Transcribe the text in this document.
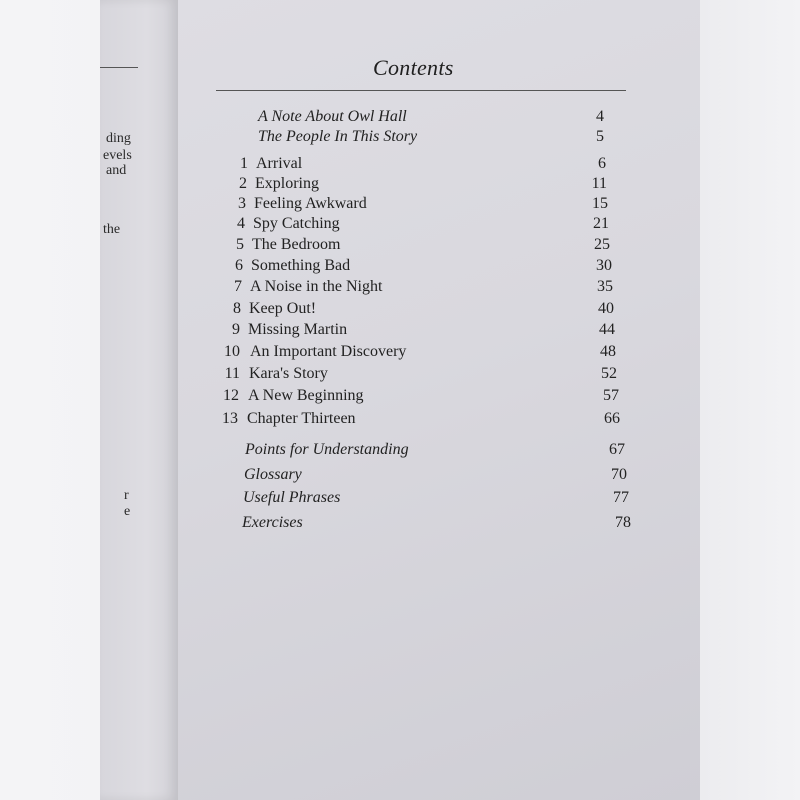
ding
evels
and
the
r
e
Contents
A Note About Owl Hall	4
The People In This Story	5
1 Arrival	6
2 Exploring	11
3 Feeling Awkward	15
4 Spy Catching	21
5 The Bedroom	25
6 Something Bad	30
7 A Noise in the Night	35
8 Keep Out!	40
9 Missing Martin	44
10 An Important Discovery	48
11 Kara's Story	52
12 A New Beginning	57
13 Chapter Thirteen	66
Points for Understanding	67
Glossary	70
Useful Phrases	77
Exercises	78
